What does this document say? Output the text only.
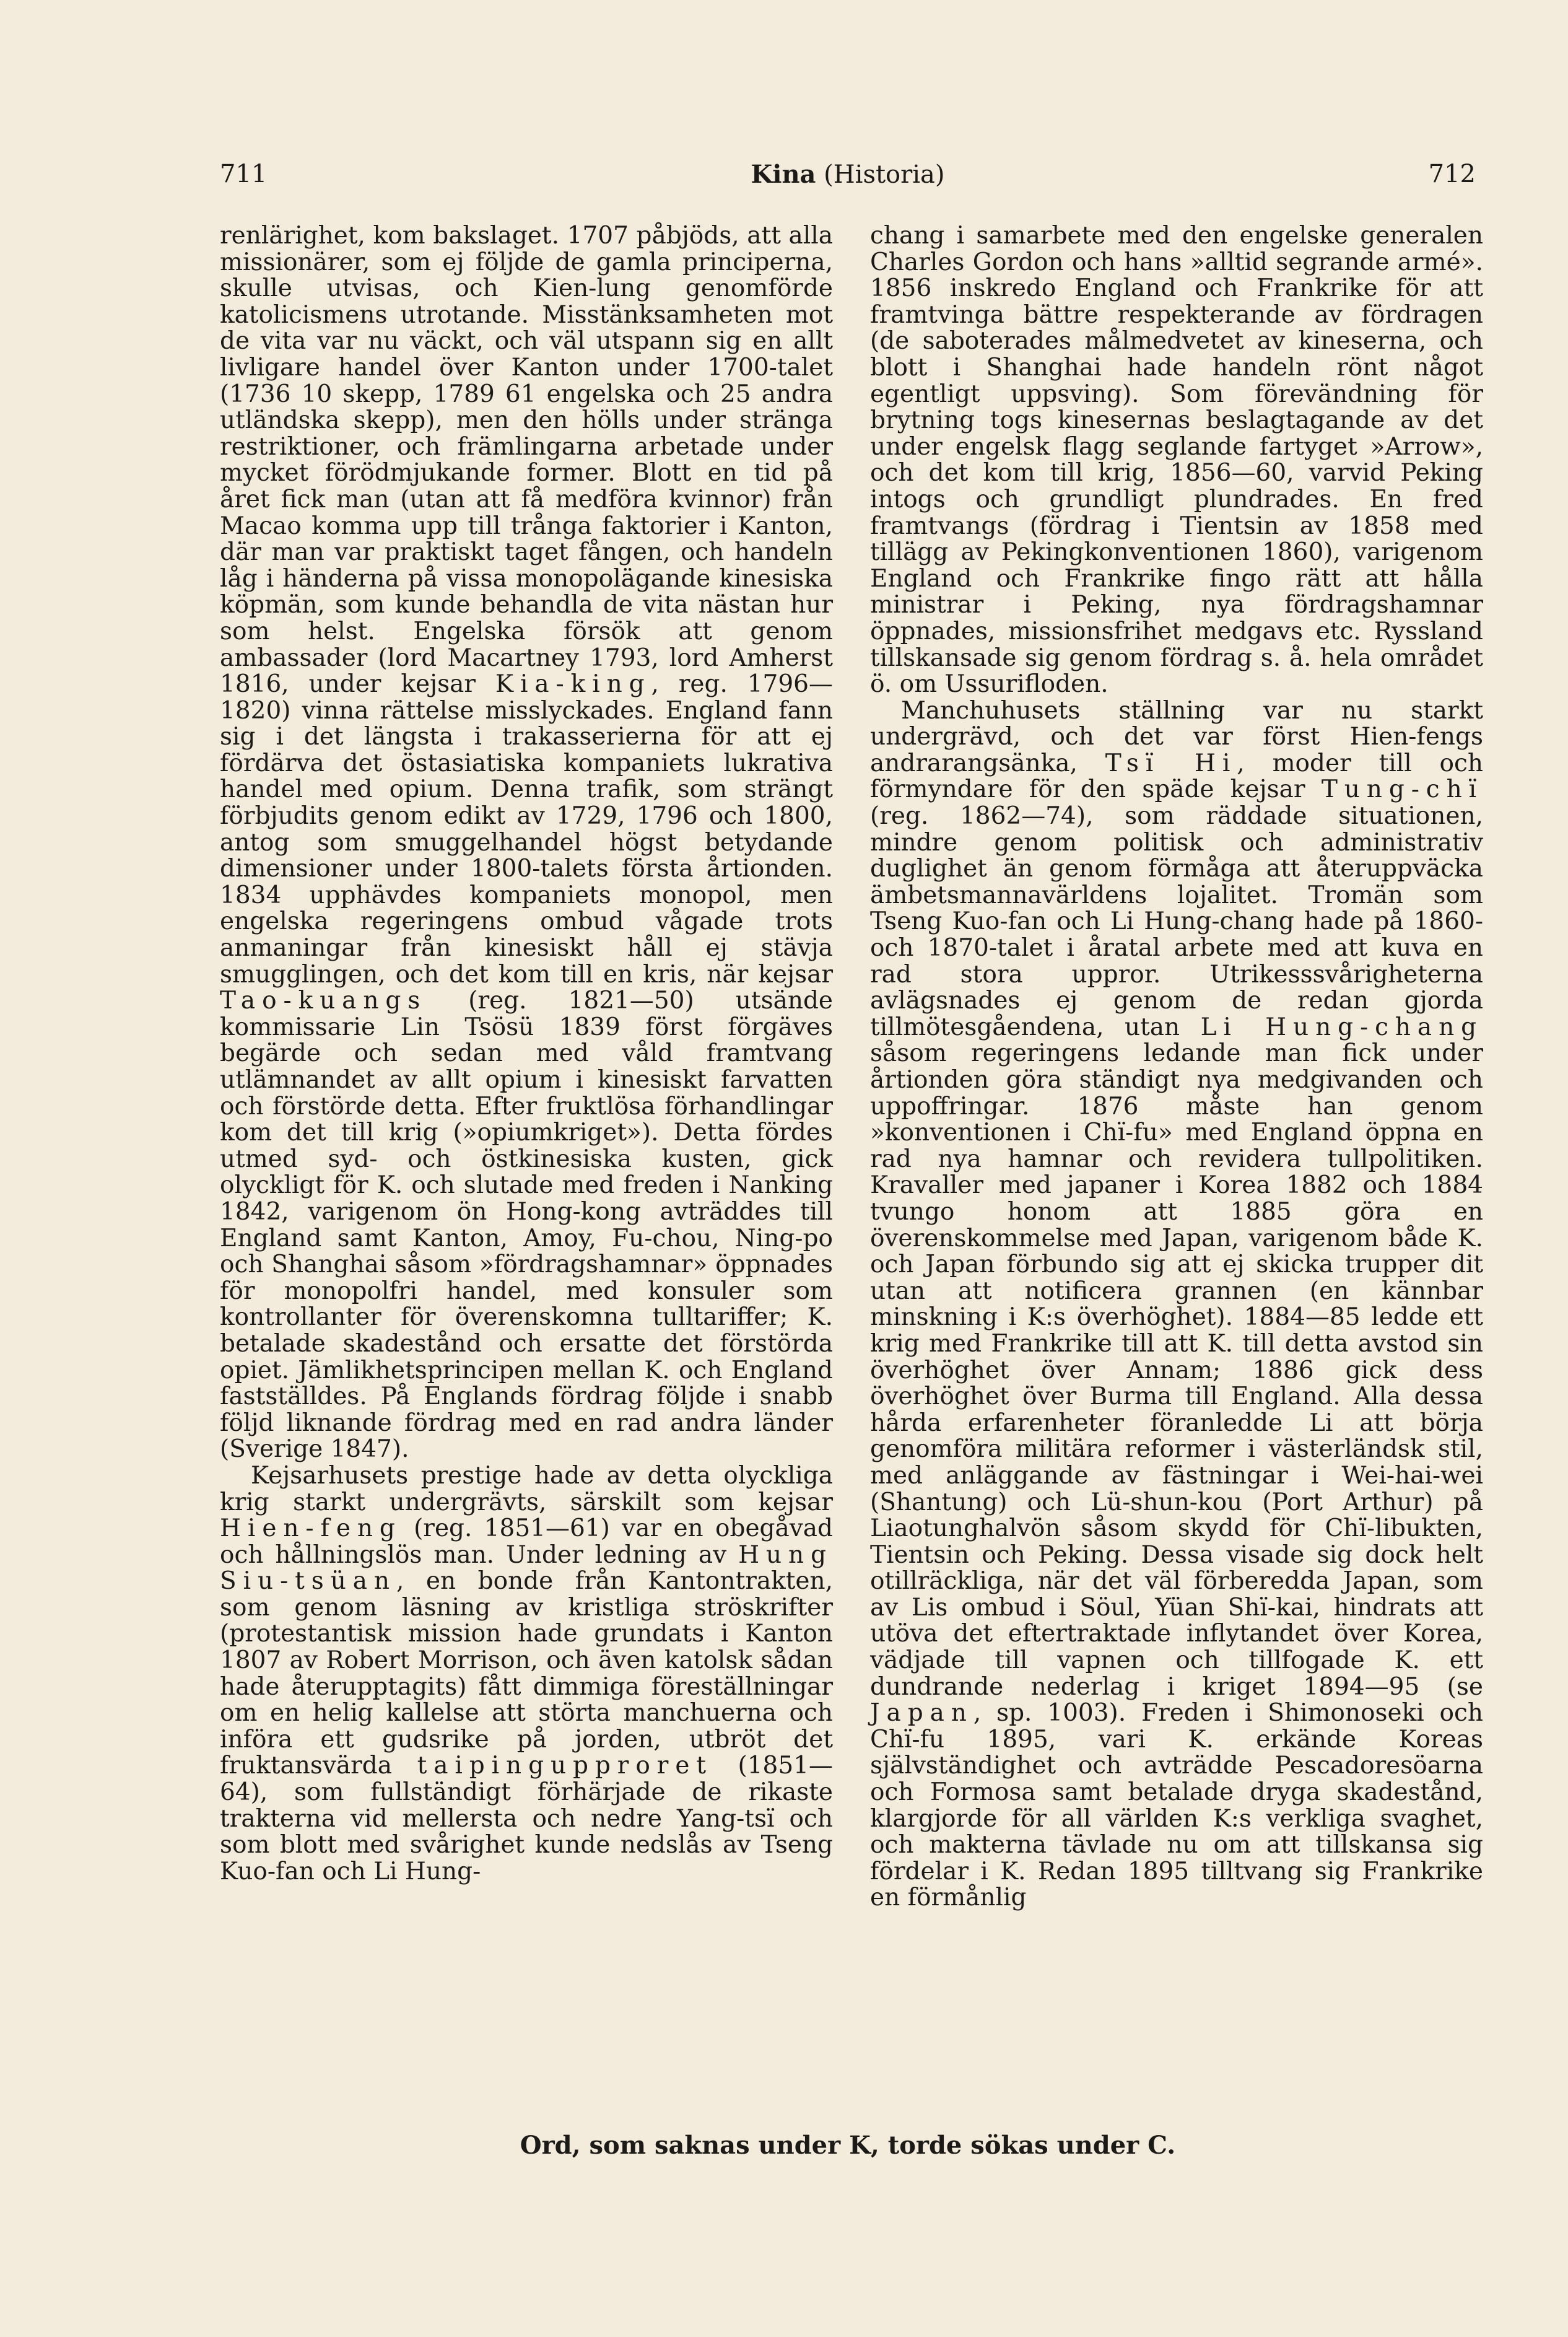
711	Kina (Historia)	712

renlärighet, kom bakslaget. 1707 påbjöds, att alla missionärer, som ej följde de gamla principerna, skulle utvisas, och Kien-lung genomförde katolicismens utrotande. Misstänksamheten mot de vita var nu väckt, och väl utspann sig en allt livligare handel över Kanton under 1700-talet (1736 10 skepp, 1789 61 engelska och 25 andra utländska skepp), men den hölls under stränga restriktioner, och främlingarna arbetade under mycket förödmjukande former. Blott en tid på året fick man (utan att få medföra kvinnor) från Macao komma upp till trånga faktorier i Kanton, där man var praktiskt taget fången, och handeln låg i händerna på vissa monopolägande kinesiska köpmän, som kunde behandla de vita nästan hur som helst. Engelska försök att genom ambassader (lord Macartney 1793, lord Amherst 1816, under kejsar Kia-king, reg. 1796—1820) vinna rättelse misslyckades. England fann sig i det längsta i trakasserierna för att ej fördärva det östasiatiska kompaniets lukrativa handel med opium. Denna trafik, som strängt förbjudits genom edikt av 1729, 1796 och 1800, antog som smuggelhandel högst betydande dimensioner under 1800-talets första årtionden. 1834 upphävdes kompaniets monopol, men engelska regeringens ombud vågade trots anmaningar från kinesiskt håll ej stävja smugglingen, och det kom till en kris, när kejsar Tao-kuangs (reg. 1821—50) utsände kommissarie Lin Tsösü 1839 först förgäves begärde och sedan med våld framtvang utlämnandet av allt opium i kinesiskt farvatten och förstörde detta. Efter fruktlösa förhandlingar kom det till krig (»opiumkriget»). Detta fördes utmed syd- och östkinesiska kusten, gick olyckligt för K. och slutade med freden i Nanking 1842, varigenom ön Hong-kong avträddes till England samt Kanton, Amoy, Fu-chou, Ning-po och Shanghai såsom »fördragshamnar» öppnades för monopolfri handel, med konsuler som kontrollanter för överenskomna tulltariffer; K. betalade skadestånd och ersatte det förstörda opiet. Jämlikhetsprincipen mellan K. och England fastställdes. På Englands fördrag följde i snabb följd liknande fördrag med en rad andra länder (Sverige 1847).

Kejsarhusets prestige hade av detta olyckliga krig starkt undergrävts, särskilt som kejsar Hien-feng (reg. 1851—61) var en obegåvad och hållningslös man. Under ledning av Hung Siu-tsüan, en bonde från Kantontrakten, som genom läsning av kristliga ströskrifter (protestantisk mission hade grundats i Kanton 1807 av Robert Morrison, och även katolsk sådan hade återupptagits) fått dimmiga föreställningar om en helig kallelse att störta manchuerna och införa ett gudsrike på jorden, utbröt det fruktansvärda taipingupproret (1851—64), som fullständigt förhärjade de rikaste trakterna vid mellersta och nedre Yang-tsï och som blott med svårighet kunde nedslås av Tseng Kuo-fan och Li Hung-

chang i samarbete med den engelske generalen Charles Gordon och hans »alltid segrande armé». 1856 inskredo England och Frankrike för att framtvinga bättre respekterande av fördragen (de saboterades målmedvetet av kineserna, och blott i Shanghai hade handeln rönt något egentligt uppsving). Som förevändning för brytning togs kinesernas beslagtagande av det under engelsk flagg seglande fartyget »Arrow», och det kom till krig, 1856—60, varvid Peking intogs och grundligt plundrades. En fred framtvangs (fördrag i Tientsin av 1858 med tillägg av Pekingkonventionen 1860), varigenom England och Frankrike fingo rätt att hålla ministrar i Peking, nya fördragshamnar öppnades, missionsfrihet medgavs etc. Ryssland tillskansade sig genom fördrag s. å. hela området ö. om Ussurifloden.

Manchuhusets ställning var nu starkt undergrävd, och det var först Hien-fengs andrarangsänka, Tsï Hi, moder till och förmyndare för den späde kejsar Tung-chï (reg. 1862—74), som räddade situationen, mindre genom politisk och administrativ duglighet än genom förmåga att återuppväcka ämbetsmannavärldens lojalitet. Tromän som Tseng Kuo-fan och Li Hung-chang hade på 1860- och 1870-talet i åratal arbete med att kuva en rad stora uppror. Utrikesssvårigheterna avlägsnades ej genom de redan gjorda tillmötesgåendena, utan Li Hung-chang såsom regeringens ledande man fick under årtionden göra ständigt nya medgivanden och uppoffringar. 1876 måste han genom »konventionen i Chï-fu» med England öppna en rad nya hamnar och revidera tullpolitiken. Kravaller med japaner i Korea 1882 och 1884 tvungo honom att 1885 göra en överenskommelse med Japan, varigenom både K. och Japan förbundo sig att ej skicka trupper dit utan att notificera grannen (en kännbar minskning i K:s överhöghet). 1884—85 ledde ett krig med Frankrike till att K. till detta avstod sin överhöghet över Annam; 1886 gick dess överhöghet över Burma till England. Alla dessa hårda erfarenheter föranledde Li att börja genomföra militära reformer i västerländsk stil, med anläggande av fästningar i Wei-hai-wei (Shantung) och Lü-shun-kou (Port Arthur) på Liaotunghalvön såsom skydd för Chï-libukten, Tientsin och Peking. Dessa visade sig dock helt otillräckliga, när det väl förberedda Japan, som av Lis ombud i Söul, Yüan Shï-kai, hindrats att utöva det eftertraktade inflytandet över Korea, vädjade till vapnen och tillfogade K. ett dundrande nederlag i kriget 1894—95 (se Japan, sp. 1003). Freden i Shimonoseki och Chï-fu 1895, vari K. erkände Koreas självständighet och avträdde Pescadoresöarna och Formosa samt betalade dryga skadestånd, klargjorde för all världen K:s verkliga svaghet, och makterna tävlade nu om att tillskansa sig fördelar i K. Redan 1895 tilltvang sig Frankrike en förmånlig

Ord, som saknas under K, torde sökas under C.
